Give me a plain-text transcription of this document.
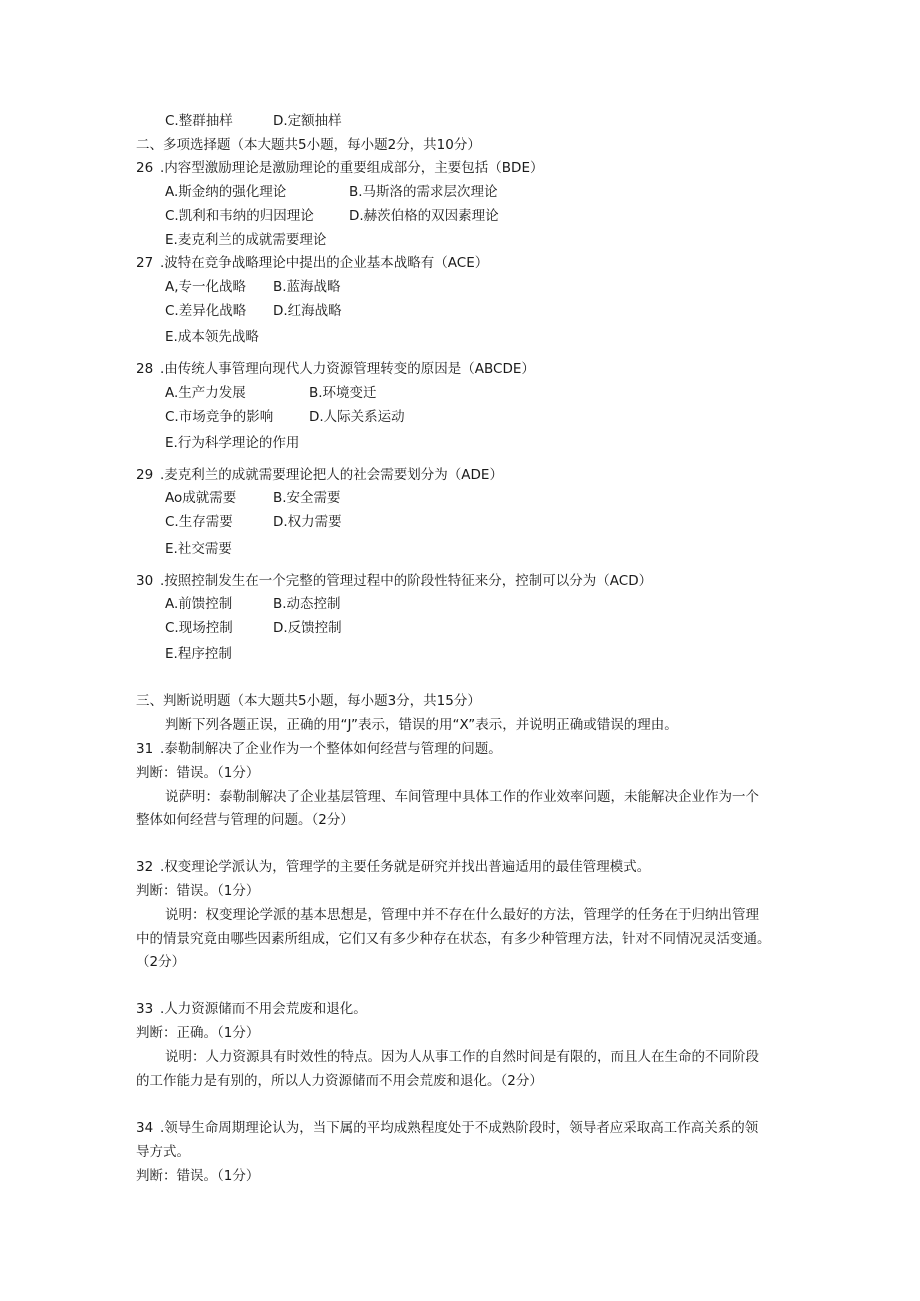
C.整群抽样	D.定额抽样
二、多项选择题（本大题共5小题，每小题2分，共10分）
26 .内容型激励理论是激励理论的重要组成部分，主要包括（BDE）
A.斯金纳的强化理论	B.马斯洛的需求层次理论
C.凯利和韦纳的归因理论	D.赫茨伯格的双因素理论
E.麦克利兰的成就需要理论
27 .波特在竞争战略理论中提出的企业基本战略有（ACE）
A,专一化战略 B.蓝海战略
C.差异化战略 D.红海战略
E.成本领先战略
28 .由传统人事管理向现代人力资源管理转变的原因是（ABCDE）
A.生产力发展	B.环境变迁
C.市场竞争的影响	D.人际关系运动
E.行为科学理论的作用
29 .麦克利兰的成就需要理论把人的社会需要划分为（ADE）
Ao成就需要	B.安全需要
C.生存需要	D.权力需要
E.社交需要
30 .按照控制发生在一个完整的管理过程中的阶段性特征来分，控制可以分为（ACD）
A.前馈控制	B.动态控制
C.现场控制	D.反馈控制
E.程序控制
三、判断说明题（本大题共5小题，每小题3分，共15分）
判断下列各题正误，正确的用“J”表示，错误的用“X”表示，并说明正确或错误的理由。
31 .泰勒制解决了企业作为一个整体如何经营与管理的问题。
判断：错误。（1分）
说萨明：泰勒制解决了企业基层管理、车间管理中具体工作的作业效率问题，未能解决企业作为一个
整体如何经营与管理的问题。（2分）
32 .权变理论学派认为，管理学的主要任务就是研究并找出普遍适用的最佳管理模式。
判断：错误。（1分）
说明：权变理论学派的基本思想是，管理中并不存在什么最好的方法，管理学的任务在于归纳出管理
中的情景究竟由哪些因素所组成，它们又有多少种存在状态，有多少种管理方法，针对不同情况灵活变通。
（2分）
33 .人力资源储而不用会荒废和退化。
判断：正确。（1分）
说明：人力资源具有时效性的特点。因为人从事工作的自然时间是有限的，而且人在生命的不同阶段
的工作能力是有别的，所以人力资源储而不用会荒废和退化。（2分）
34 .领导生命周期理论认为，当下属的平均成熟程度处于不成熟阶段时，领导者应采取高工作高关系的领
导方式。
判断：错误。（1分）
